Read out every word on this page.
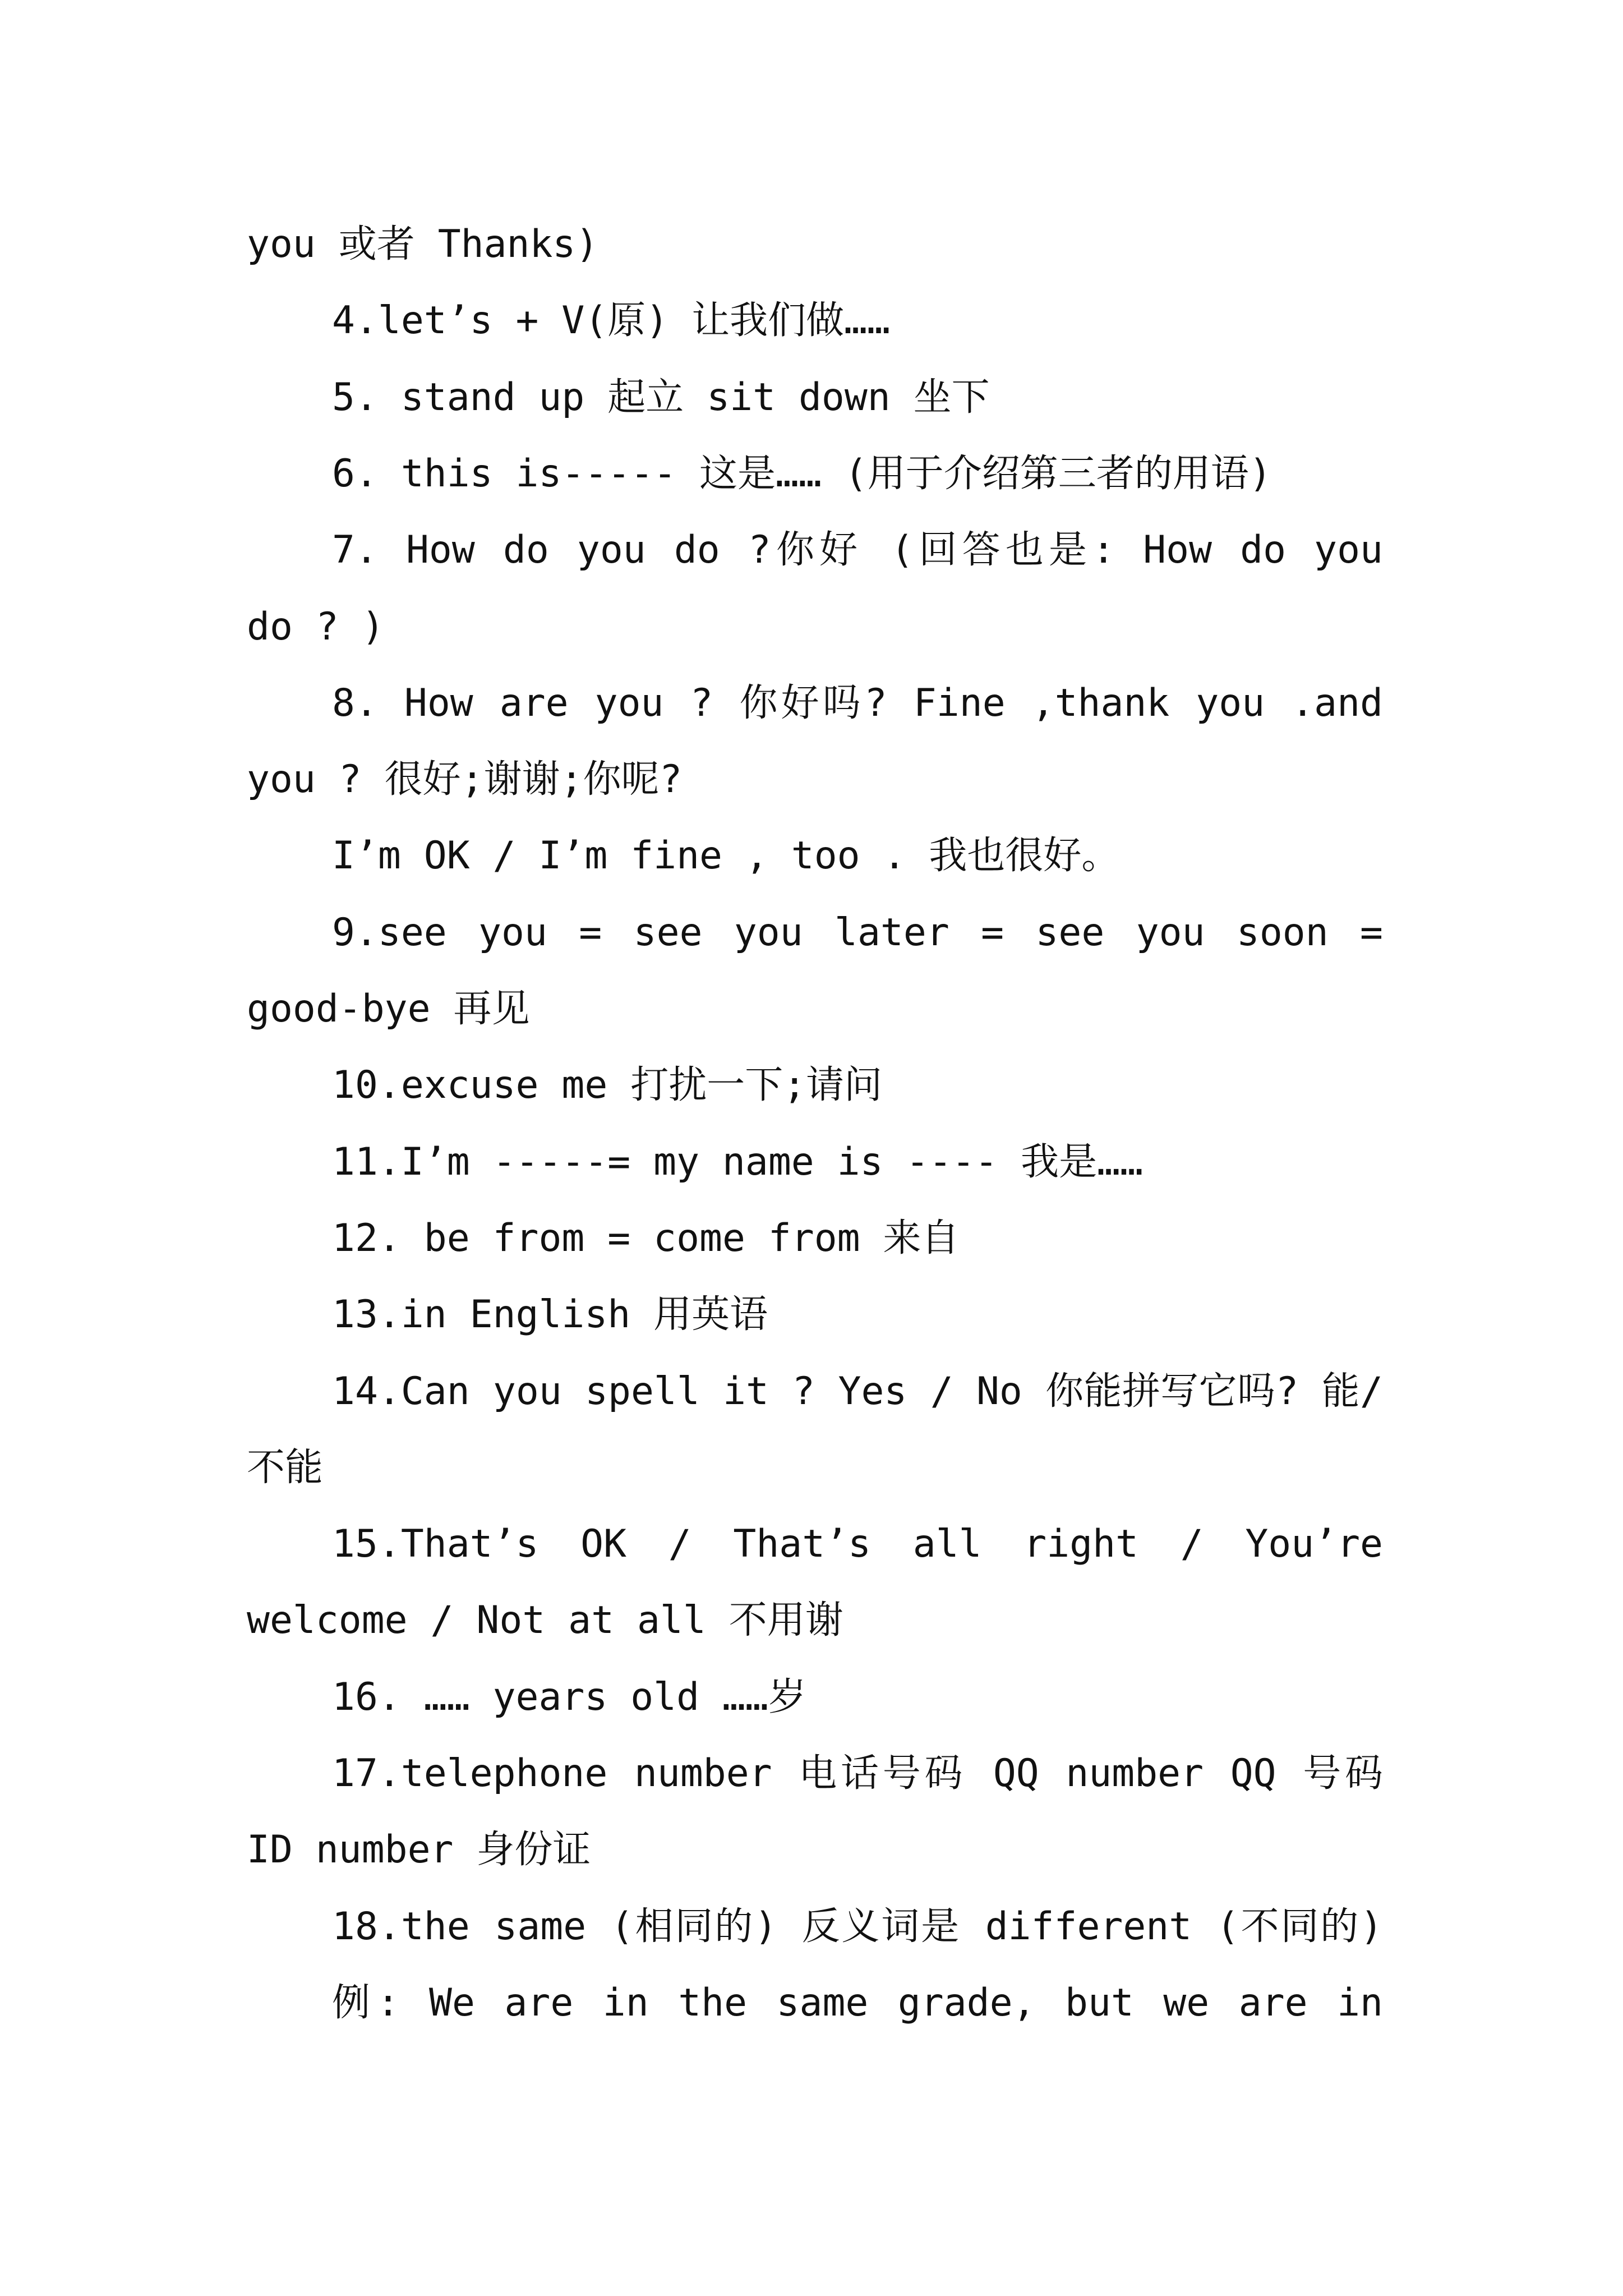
you 或者 Thanks)
4.let’s + V(原) 让我们做……
5. stand up 起立 sit down 坐下
6. this is----- 这是…… (用于介绍第三者的用语)
7. How do you do ?你好 (回答也是: How do you
do ? )
8. How are you ? 你好吗? Fine ,thank you .and
you ? 很好;谢谢;你呢?
I’m OK / I’m fine , too . 我也很好。
9.see you = see you later = see you soon =
good-bye 再见
10.excuse me 打扰一下;请问
11.I’m -----= my name is ---- 我是……
12. be from = come from 来自
13.in English 用英语
14.Can you spell it ? Yes / No 你能拼写它吗? 能/
不能
15.That’s OK / That’s all right / You’re
welcome / Not at all 不用谢
16. …… years old ……岁
17.telephone number 电话号码 QQ number QQ 号码
ID number 身份证
18.the same (相同的) 反义词是 different (不同的)
例: We are in the same grade, but we are in
